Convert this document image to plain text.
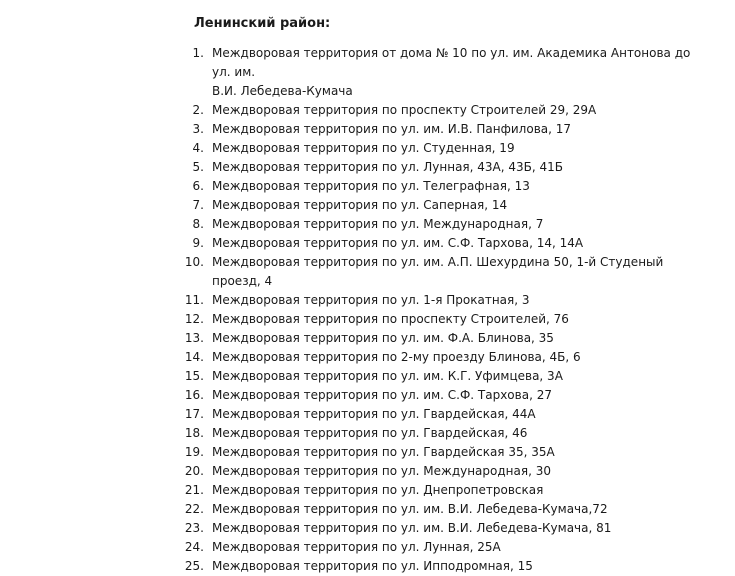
Ленинский район:
1. Междворовая территория от дома № 10 по ул. им. Академика Антонова до ул. им.
В.И. Лебедева-Кумача
2. Междворовая территория по проспекту Строителей 29, 29А
3. Междворовая территория по ул. им. И.В. Панфилова, 17
4. Междворовая территория по ул. Студенная, 19
5. Междворовая территория по ул. Лунная, 43А, 43Б, 41Б
6. Междворовая территория по ул. Телеграфная, 13
7. Междворовая территория по ул. Саперная, 14
8. Междворовая территория по ул. Международная, 7
9. Междворовая территория по ул. им. С.Ф. Тархова, 14, 14А
10. Междворовая территория по ул. им. А.П. Шехурдина 50, 1-й Студеный проезд, 4
11. Междворовая территория по ул. 1-я Прокатная, 3
12. Междворовая территория по проспекту Строителей, 76
13. Междворовая территория по ул. им. Ф.А. Блинова, 35
14. Междворовая территория по 2-му проезду Блинова, 4Б, 6
15. Междворовая территория по ул. им. К.Г. Уфимцева, 3А
16. Междворовая территория по ул. им. С.Ф. Тархова, 27
17. Междворовая территория по ул. Гвардейская, 44А
18. Междворовая территория по ул. Гвардейская, 46
19. Междворовая территория по ул. Гвардейская 35, 35А
20. Междворовая территория по ул. Международная, 30
21. Междворовая территория по ул. Днепропетровская
22. Междворовая территория по ул. им. В.И. Лебедева-Кумача,72
23. Междворовая территория по ул. им. В.И. Лебедева-Кумача, 81
24. Междворовая территория по ул. Лунная, 25А
25. Междворовая территория по ул. Ипподромная, 15
